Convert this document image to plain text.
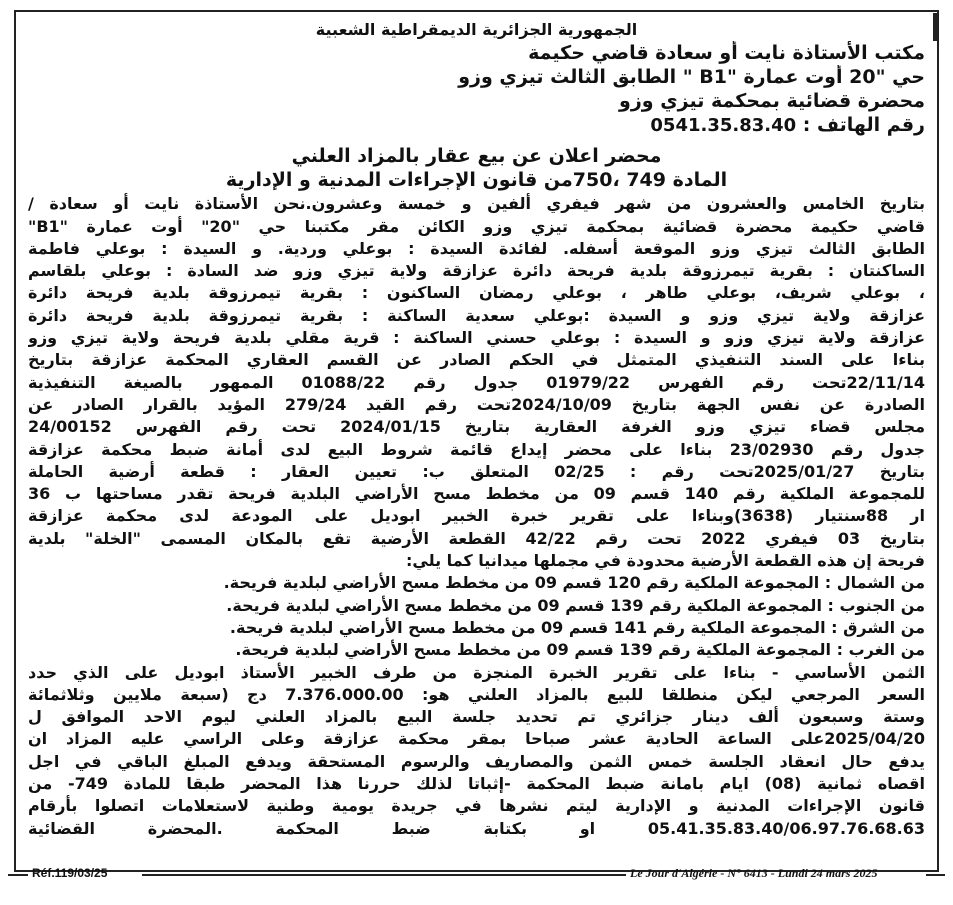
الجمهورية الجزائرية الديمقراطية الشعبية
مكتب الأستاذة نايت أو سعادة قاضي حكيمة
حي "20 أوت عمارة "B1 " الطابق الثالث تيزي وزو
محضرة قضائية بمحكمة تيزي وزو
رقم الهاتف : 0541.35.83.40
محضر اعلان عن بيع عقار بالمزاد العلني
المادة 749 ،750من قانون الإجراءات المدنية و الإدارية
بتاريخ الخامس والعشرون من شهر فيفري ألفين و خمسة وعشرون.نحن الأستاذة نايت أو سعادة /
قاضي حكيمة محضرة قضائية بمحكمة تيزي وزو الكائن مقر مكتبنا حي "20" أوت عمارة "B1"
الطابق الثالث تيزي وزو الموقعة أسفله. لفائدة السيدة : بوعلي وردية. و السيدة : بوعلي فاطمة
الساكنتان : بقرية تيمرزوقة بلدية فريحة دائرة عزازقة ولاية تيزي وزو ضد السادة : بوعلي بلقاسم
، بوعلي شريف، بوعلي طاهر ، بوعلي رمضان الساكنون : بقرية تيمرزوقة بلدية فريحة دائرة
عزازقة ولاية تيزي وزو و السيدة :بوعلي سعدية الساكنة : بقرية تيمرزوقة بلدية فريحة دائرة
عزازقة ولاية تيزي وزو و السيدة : بوعلي حسني الساكنة : قرية مقلي بلدية فريحة ولاية تيزي وزو
بناءا على السند التنفيذي المتمثل في الحكم الصادر عن القسم العقاري المحكمة عزازقة بتاريخ
22/11/14تحت رقم الفهرس 01979/22 جدول رقم 01088/22 الممهور بالصيغة التنفيذية
الصادرة عن نفس الجهة بتاريخ 2024/10/09تحت رقم القيد 279/24 المؤيد بالقرار الصادر عن
مجلس قضاء تيزي وزو الغرفة العقارية بتاريخ 2024/01/15 تحت رقم الفهرس 24/00152
جدول رقم 23/02930 بناءا على محضر إيداع قائمة شروط البيع لدى أمانة ضبط محكمة عزازقة
بتاريخ 2025/01/27تحت رقم : 02/25 المتعلق ب: تعيين العقار : قطعة أرضية الحاملة
للمجموعة الملكية رقم 140 قسم 09 من مخطط مسح الأراضي البلدية فريحة تقدر مساحتها ب 36
ار 88سنتيار (3638)وبناءا على تقرير خبرة الخبير ابوديل على المودعة لدى محكمة عزازقة
بتاريخ 03 فيفري 2022 تحت رقم 42/22 القطعة الأرضية تقع بالمكان المسمى "الخلة" بلدية
فريحة إن هذه القطعة الأرضية محدودة في مجملها ميدانيا كما يلي:
من الشمال : المجموعة الملكية رقم 120 قسم 09 من مخطط مسح الأراضي لبلدية فريحة.
من الجنوب : المجموعة الملكية رقم 139 قسم 09 من مخطط مسح الأراضي لبلدية فريحة.
من الشرق : المجموعة الملكية رقم 141 قسم 09 من مخطط مسح الأراضي لبلدية فريحة.
من الغرب : المجموعة الملكية رقم 139 قسم 09 من مخطط مسح الأراضي لبلدية فريحة.
الثمن الأساسي - بناءا على تقرير الخبرة المنجزة من طرف الخبير الأستاذ ابوديل على الذي حدد
السعر المرجعي ليكن منطلقا للبيع بالمزاد العلني هو: 7.376.000.00 دج (سبعة ملايين وثلاثمائة
وستة وسبعون ألف دينار جزائري تم تحديد جلسة البيع بالمزاد العلني ليوم الاحد الموافق ل
2025/04/20على الساعة الحادية عشر صباحا بمقر محكمة عزازقة وعلى الراسي عليه المزاد ان
يدفع حال انعقاد الجلسة خمس الثمن والمصاريف والرسوم المستحقة ويدفع المبلغ الباقي في اجل
اقصاه ثمانية (08) ايام بامانة ضبط المحكمة -إثباتا لذلك حررنا هذا المحضر طبقا للمادة 749- من
قانون الإجراءات المدنية و الإدارية ليتم نشرها في جريدة يومية وطنية لاستعلامات اتصلوا بأرقام
05.41.35.83.40/06.97.76.68.63 او بكتابة ضبط المحكمة .المحضرة القضائية
Réf.119/03/25	Le Jour d'Algérie - N° 6413 - Lundi 24 mars 2025
